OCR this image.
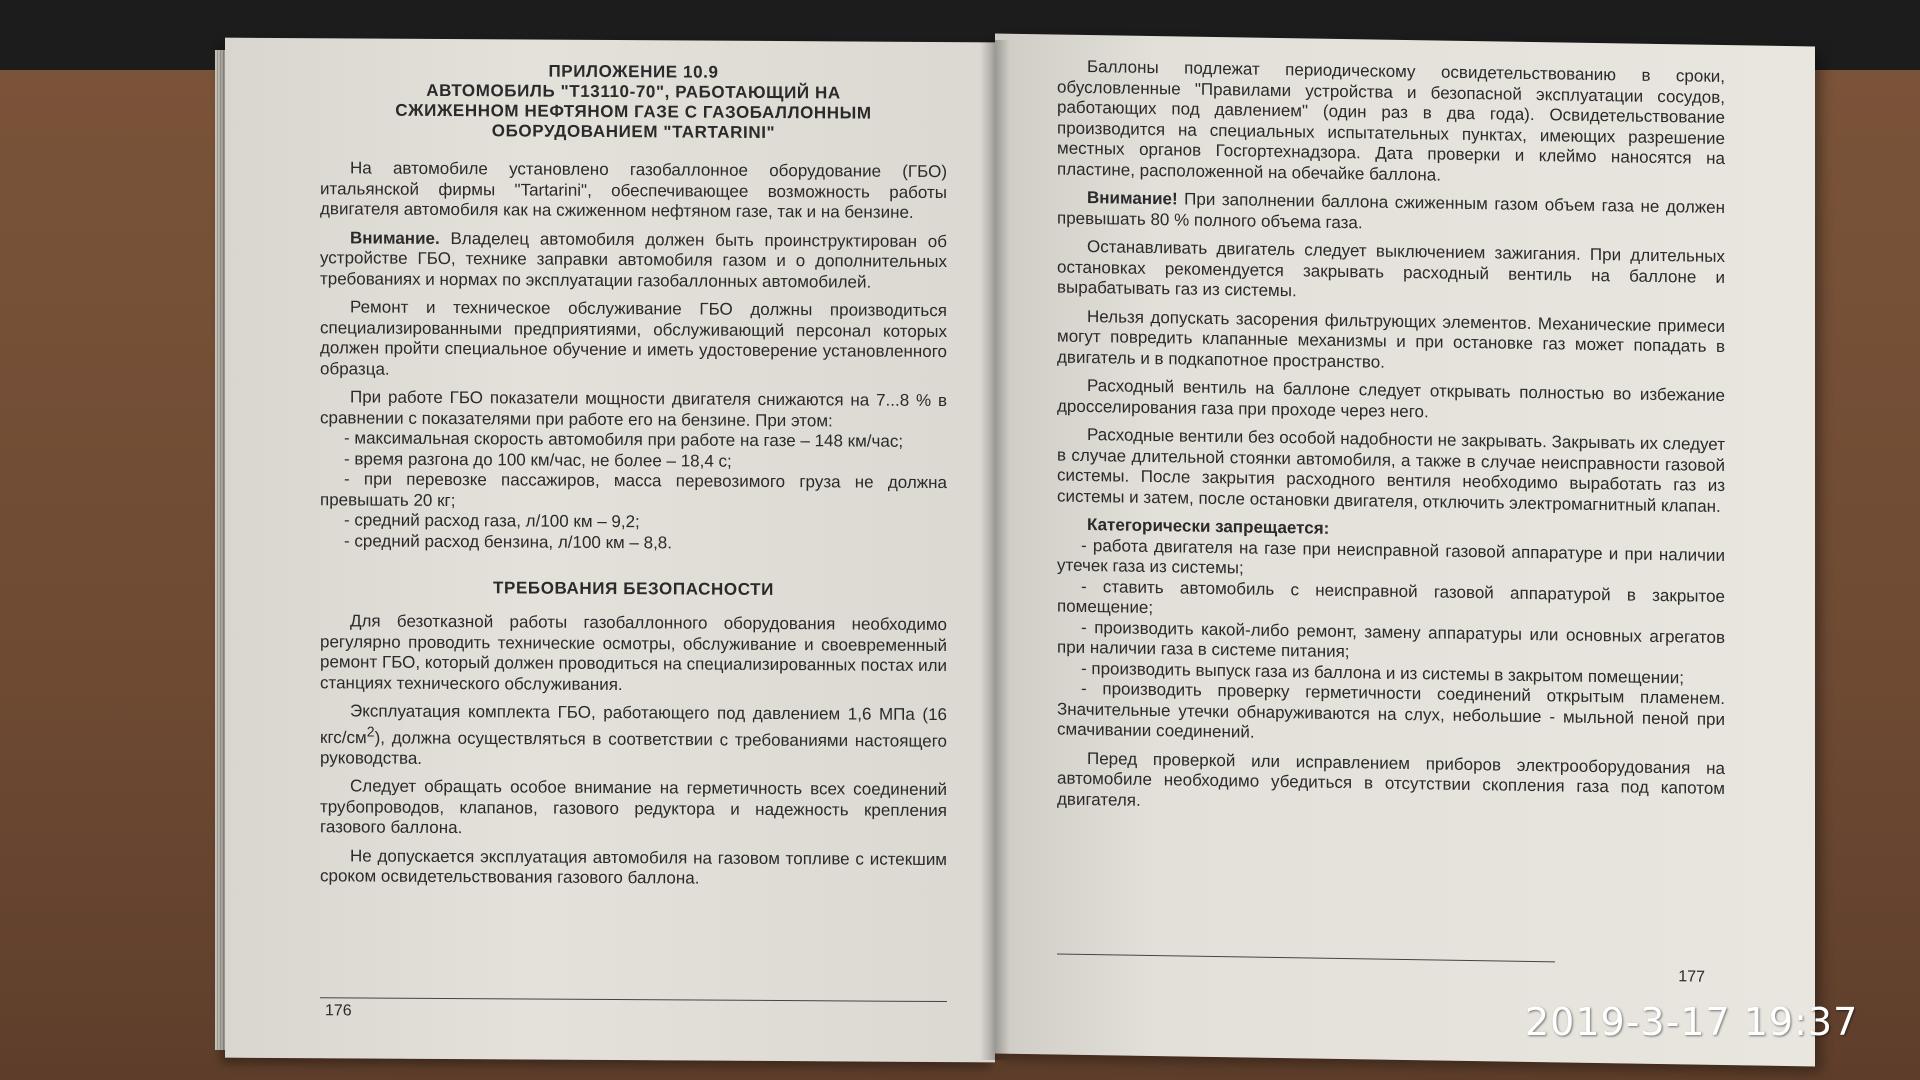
ПРИЛОЖЕНИЕ 10.9
АВТОМОБИЛЬ "Т13110-70", РАБОТАЮЩИЙ НА
СЖИЖЕННОМ НЕФТЯНОМ ГАЗЕ С ГАЗОБАЛЛОННЫМ
ОБОРУДОВАНИЕМ "TARTARINI"

На автомобиле установлено газобаллонное оборудование (ГБО) итальянской фирмы "Tartarini", обеспечивающее возможность работы двигателя автомобиля как на сжиженном нефтяном газе, так и на бензине.

Внимание. Владелец автомобиля должен быть проинструктирован об устройстве ГБО, технике заправки автомобиля газом и о дополнительных требованиях и нормах по эксплуатации газобаллонных автомобилей.

Ремонт и техническое обслуживание ГБО должны производиться специализированными предприятиями, обслуживающий персонал которых должен пройти специальное обучение и иметь удостоверение установленного образца.

При работе ГБО показатели мощности двигателя снижаются на 7...8 % в сравнении с показателями при работе его на бензине. При этом:

- максимальная скорость автомобиля при работе на газе – 148 км/час;

- время разгона до 100 км/час, не более – 18,4 с;

- при перевозке пассажиров, масса перевозимого груза не должна превышать 20 кг;

- средний расход газа, л/100 км – 9,2;

- средний расход бензина, л/100 км – 8,8.

ТРЕБОВАНИЯ БЕЗОПАСНОСТИ

Для безотказной работы газобаллонного оборудования необходимо регулярно проводить технические осмотры, обслуживание и своевременный ремонт ГБО, который должен проводиться на специализированных постах или станциях технического обслуживания.

Эксплуатация комплекта ГБО, работающего под давлением 1,6 МПа (16 кгс/$см^2$), должна осуществляться в соответствии с требованиями настоящего руководства.

Следует обращать особое внимание на герметичность всех соединений трубопроводов, клапанов, газового редуктора и надежность крепления газового баллона.

Не допускается эксплуатация автомобиля на газовом топливе с истекшим сроком освидетельствования газового баллона.

176

Баллоны подлежат периодическому освидетельствованию в сроки, обусловленные "Правилами устройства и безопасной эксплуатации сосудов, работающих под давлением" (один раз в два года). Освидетельствование производится на специальных испытательных пунктах, имеющих разрешение местных органов Госгортехнадзора. Дата проверки и клеймо наносятся на пластине, расположенной на обечайке баллона.

Внимание! При заполнении баллона сжиженным газом объем газа не должен превышать 80 % полного объема газа.

Останавливать двигатель следует выключением зажигания. При длительных остановках рекомендуется закрывать расходный вентиль на баллоне и вырабатывать газ из системы.

Нельзя допускать засорения фильтрующих элементов. Механические примеси могут повредить клапанные механизмы и при остановке газ может попадать в двигатель и в подкапотное пространство.

Расходный вентиль на баллоне следует открывать полностью во избежание дросселирования газа при проходе через него.

Расходные вентили без особой надобности не закрывать. Закрывать их следует в случае длительной стоянки автомобиля, а также в случае неисправности газовой системы. После закрытия расходного вентиля необходимо выработать газ из системы и затем, после остановки двигателя, отключить электромагнитный клапан.

Категорически запрещается:

- работа двигателя на газе при неисправной газовой аппаратуре и при наличии утечек газа из системы;

- ставить автомобиль с неисправной газовой аппаратурой в закрытое помещение;

- производить какой-либо ремонт, замену аппаратуры или основных агрегатов при наличии газа в системе питания;

- производить выпуск газа из баллона и из системы в закрытом помещении;

- производить проверку герметичности соединений открытым пламенем. Значительные утечки обнаруживаются на слух, небольшие - мыльной пеной при смачивании соединений.

Перед проверкой или исправлением приборов электрооборудования на автомобиле необходимо убедиться в отсутствии скопления газа под капотом двигателя.

177
2019-3-17 19:37
